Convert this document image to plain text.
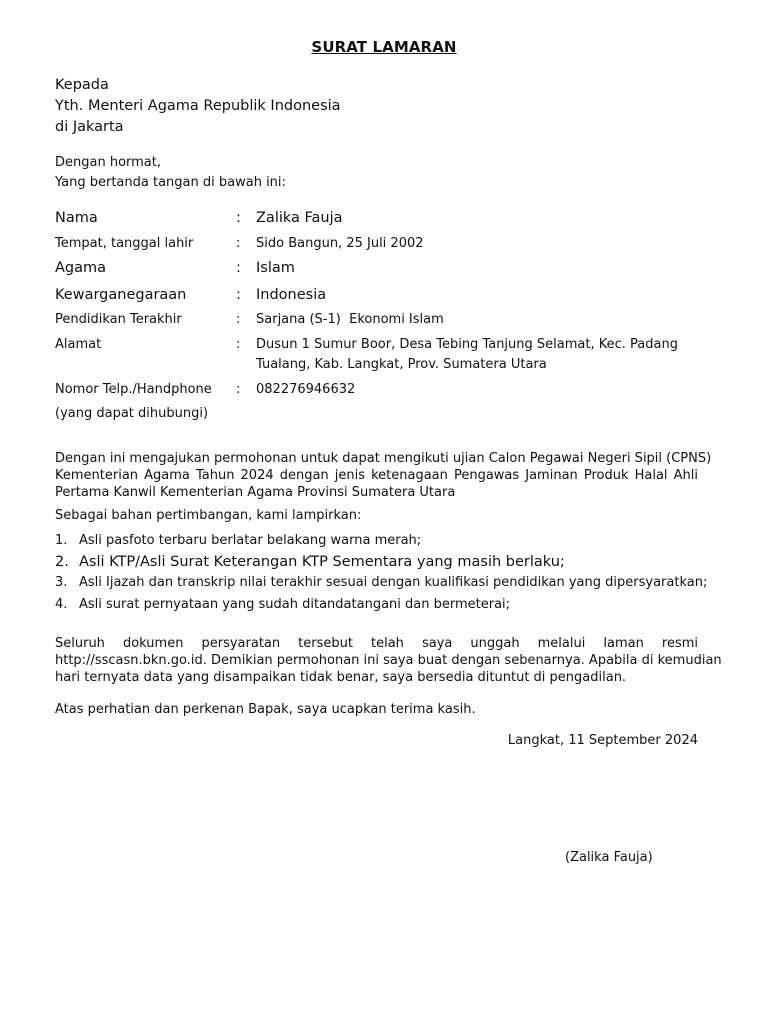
SURAT LAMARAN
Kepada
Yth. Menteri Agama Republik Indonesia
di Jakarta
Dengan hormat,
Yang bertanda tangan di bawah ini:
Nama	: Zalika Fauja
Tempat, tanggal lahir	: Sido Bangun, 25 Juli 2002
Agama	: Islam
Kewarganegaraan	: Indonesia
Pendidikan Terakhir	: Sarjana (S-1)  Ekonomi Islam
Alamat	: Dusun 1 Sumur Boor, Desa Tebing Tanjung Selamat, Kec. Padang
Tualang, Kab. Langkat, Prov. Sumatera Utara
Nomor Telp./Handphone : 082276946632
(yang dapat dihubungi)
Dengan ini mengajukan permohonan untuk dapat mengikuti ujian Calon Pegawai Negeri Sipil (CPNS)
Kementerian Agama Tahun 2024 dengan jenis ketenagaan Pengawas Jaminan Produk Halal Ahli
Pertama Kanwil Kementerian Agama Provinsi Sumatera Utara
Sebagai bahan pertimbangan, kami lampirkan:
1. Asli pasfoto terbaru berlatar belakang warna merah;
2. Asli KTP/Asli Surat Keterangan KTP Sementara yang masih berlaku;
3. Asli Ijazah dan transkrip nilai terakhir sesuai dengan kualifikasi pendidikan yang dipersyaratkan;
4. Asli surat pernyataan yang sudah ditandatangani dan bermeterai;
Seluruh dokumen persyaratan tersebut telah saya unggah melalui laman resmi
http://sscasn.bkn.go.id. Demikian permohonan ini saya buat dengan sebenarnya. Apabila di kemudian
hari ternyata data yang disampaikan tidak benar, saya bersedia dituntut di pengadilan.
Atas perhatian dan perkenan Bapak, saya ucapkan terima kasih.
Langkat, 11 September 2024
(Zalika Fauja)
